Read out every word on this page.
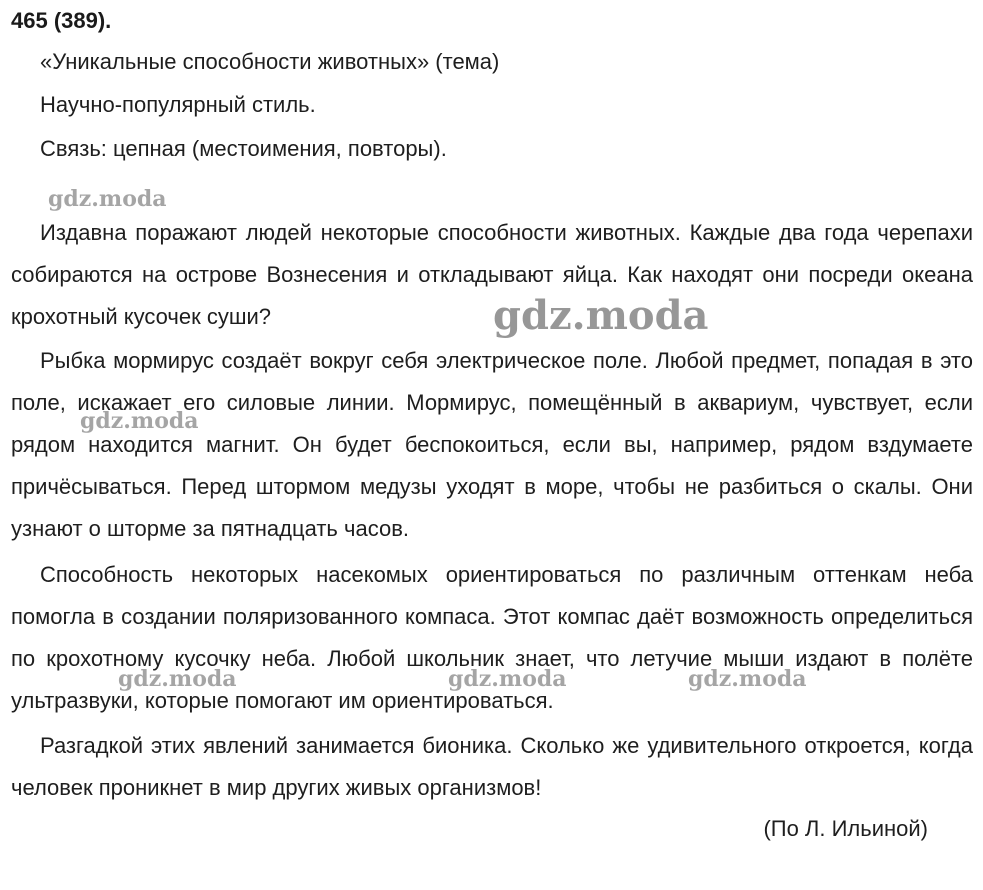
465 (389).
«Уникальные способности животных» (тема)
Научно-популярный стиль.
Связь: цепная (местоимения, повторы).

Издавна поражают людей некоторые способности животных. Каждые два года черепахи собираются на острове Вознесения и откладывают яйца. Как находят они посреди океана крохотный кусочек суши?

Рыбка мормирус создаёт вокруг себя электрическое поле. Любой предмет, попадая в это поле, искажает его силовые линии. Мормирус, помещённый в аквариум, чувствует, если рядом находится магнит. Он будет беспокоиться, если вы, например, рядом вздумаете причёсываться. Перед штормом медузы уходят в море, чтобы не разбиться о скалы. Они узнают о шторме за пятнадцать часов.

Способность некоторых насекомых ориентироваться по различным оттенкам неба помогла в создании поляризованного компаса. Этот компас даёт возможность определиться по крохотному кусочку неба. Любой школьник знает, что летучие мыши издают в полёте ультразвуки, которые помогают им ориентироваться.

Разгадкой этих явлений занимается бионика. Сколько же удивительного откроется, когда человек проникнет в мир других живых организмов!

(По Л. Ильиной)
gdz.moda
gdz.moda
gdz.moda
gdz.moda	gdz.moda	gdz.moda
